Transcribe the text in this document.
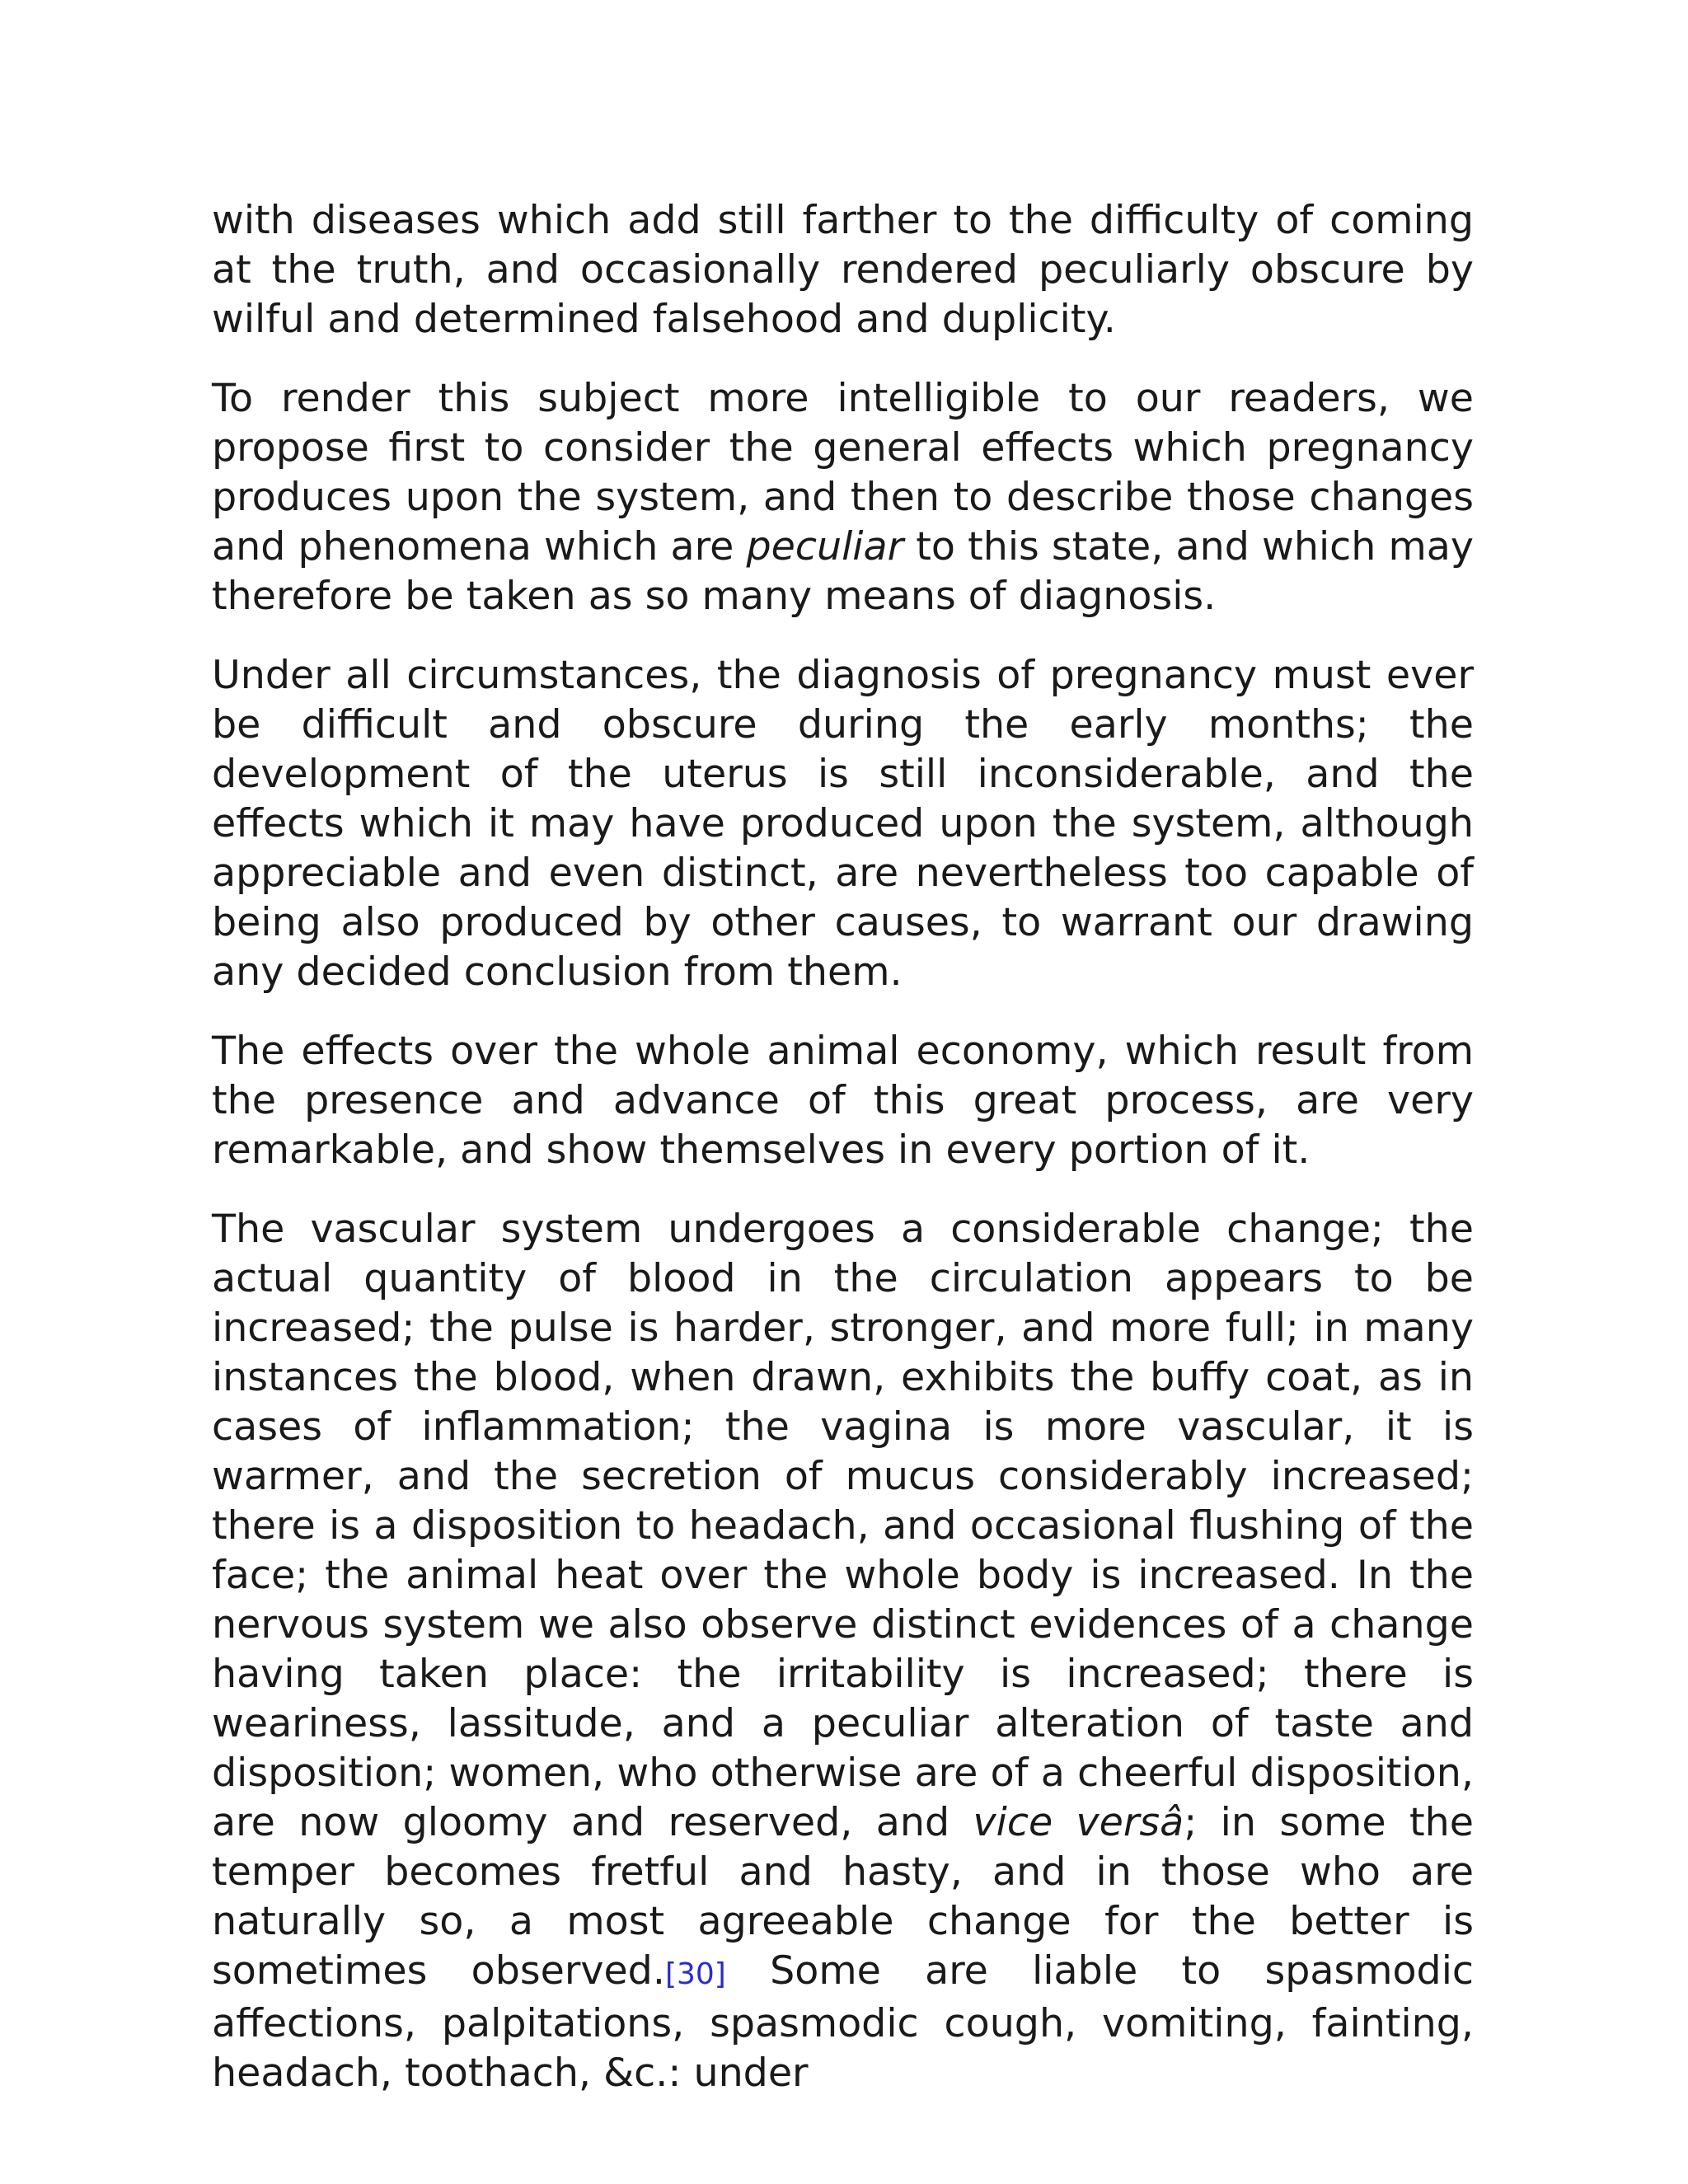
with diseases which add still farther to the difficulty of coming at the truth, and occasionally rendered peculiarly obscure by wilful and determined falsehood and duplicity.

To render this subject more intelligible to our readers, we propose first to consider the general effects which pregnancy produces upon the system, and then to describe those changes and phenomena which are peculiar to this state, and which may therefore be taken as so many means of diagnosis.

Under all circumstances, the diagnosis of pregnancy must ever be difficult and obscure during the early months; the development of the uterus is still inconsiderable, and the effects which it may have produced upon the system, although appreciable and even distinct, are nevertheless too capable of being also produced by other causes, to warrant our drawing any decided conclusion from them.

The effects over the whole animal economy, which result from the presence and advance of this great process, are very remarkable, and show themselves in every portion of it.

The vascular system undergoes a considerable change; the actual quantity of blood in the circulation appears to be increased; the pulse is harder, stronger, and more full; in many instances the blood, when drawn, exhibits the buffy coat, as in cases of inflammation; the vagina is more vascular, it is warmer, and the secretion of mucus considerably increased; there is a disposition to headach, and occasional flushing of the face; the animal heat over the whole body is increased. In the nervous system we also observe distinct evidences of a change having taken place: the irritability is increased; there is weariness, lassitude, and a peculiar alteration of taste and disposition; women, who otherwise are of a cheerful disposition, are now gloomy and reserved, and vice versâ; in some the temper becomes fretful and hasty, and in those who are naturally so, a most agreeable change for the better is sometimes observed.[30] Some are liable to spasmodic affections, palpitations, spasmodic cough, vomiting, fainting, headach, toothach, &c.: under
